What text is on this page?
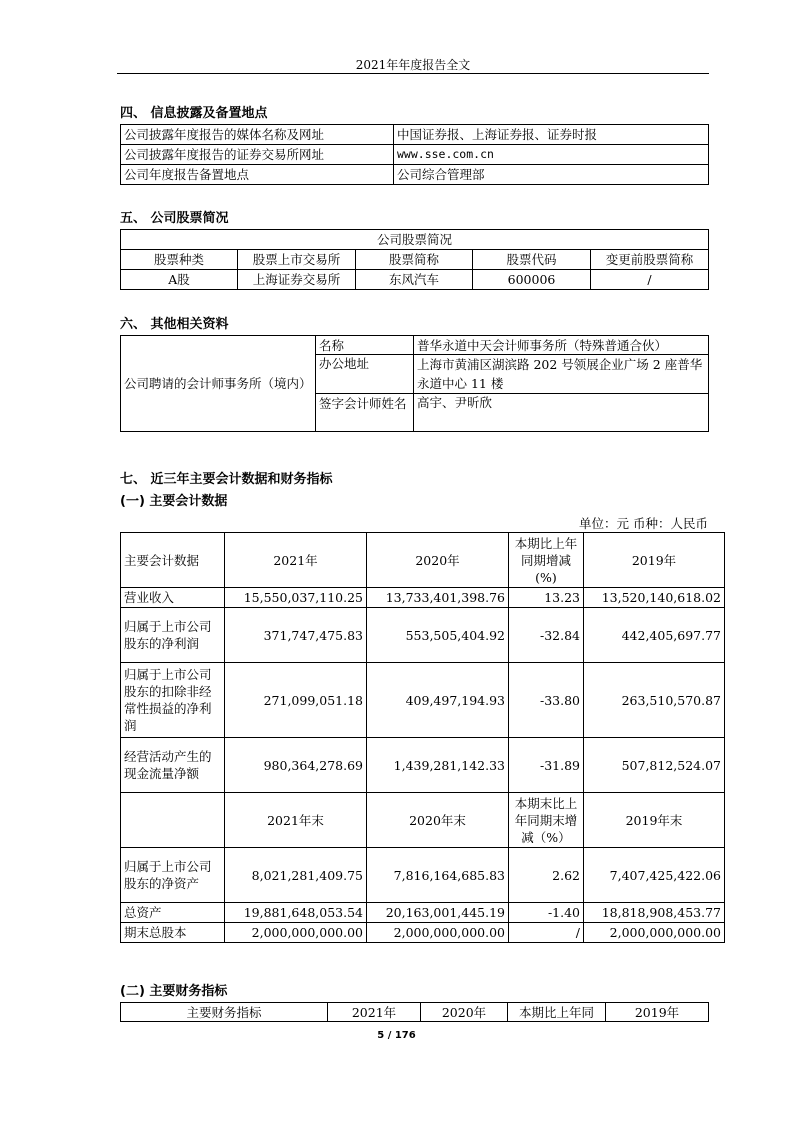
2021年年度报告全文
四、 信息披露及备置地点
公司披露年度报告的媒体名称及网址	中国证券报、上海证券报、证券时报
公司披露年度报告的证券交易所网址	www.sse.com.cn
公司年度报告备置地点	公司综合管理部
五、 公司股票简况
公司股票简况				
股票种类	股票上市交易所	股票简称	股票代码	变更前股票简称
A股	上海证券交易所	东风汽车	600006	/
六、 其他相关资料
公司聘请的会计师事务所（境内）	名称	普华永道中天会计师事务所（特殊普通合伙）
	办公地址	上海市黄浦区湖滨路 202 号领展企业广场 2 座普华永道中心 11 楼
	签字会计师姓名	高宇、尹昕欣
七、 近三年主要会计数据和财务指标
(一) 主要会计数据
单位：元 币种：人民币
主要会计数据	2021年	2020年	本期比上年同期增减(%)	2019年
营业收入	15,550,037,110.25	13,733,401,398.76	13.23	13,520,140,618.02
归属于上市公司股东的净利润	371,747,475.83	553,505,404.92	-32.84	442,405,697.77
归属于上市公司股东的扣除非经常性损益的净利润	271,099,051.18	409,497,194.93	-33.80	263,510,570.87
经营活动产生的现金流量净额	980,364,278.69	1,439,281,142.33	-31.89	507,812,524.07
	2021年末	2020年末	本期末比上年同期末增减（%）	2019年末
归属于上市公司股东的净资产	8,021,281,409.75	7,816,164,685.83	2.62	7,407,425,422.06
总资产	19,881,648,053.54	20,163,001,445.19	-1.40	18,818,908,453.77
期末总股本	2,000,000,000.00	2,000,000,000.00	/	2,000,000,000.00
(二) 主要财务指标
主要财务指标	2021年	2020年	本期比上年同	2019年
5 / 176
